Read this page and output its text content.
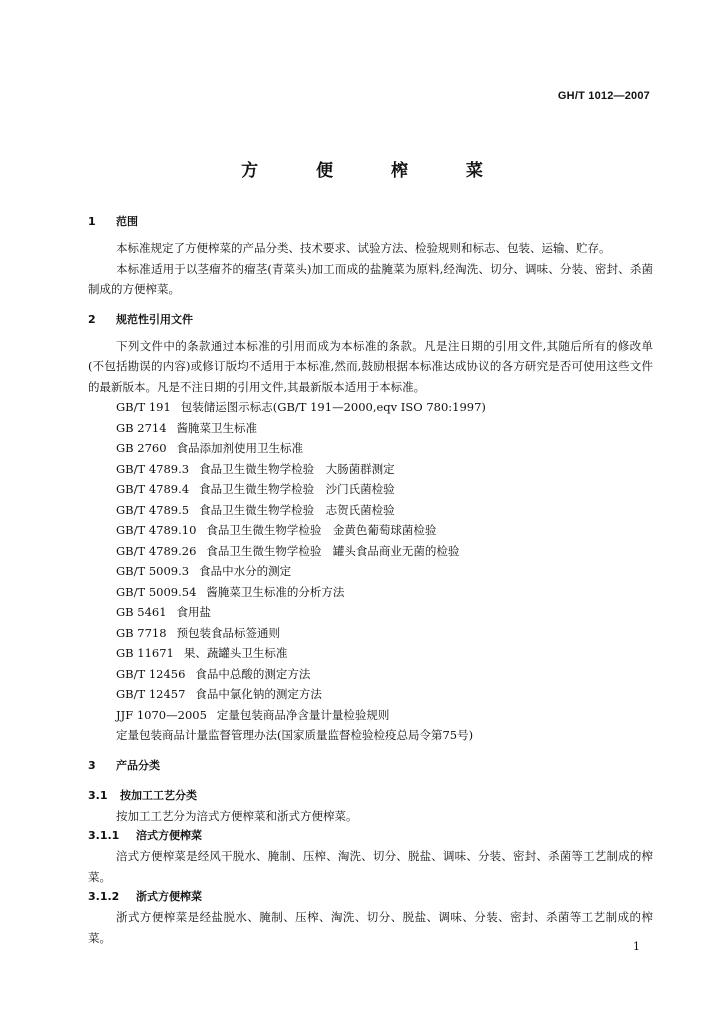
GH/T 1012—2007
方 便 榨 菜
1 范围

本标准规定了方便榨菜的产品分类、技术要求、试验方法、检验规则和标志、包装、运输、贮存。

本标准适用于以茎瘤芥的瘤茎(青菜头)加工而成的盐腌菜为原料,经淘洗、切分、调味、分装、密封、杀菌制成的方便榨菜。

2 规范性引用文件

下列文件中的条款通过本标准的引用而成为本标准的条款。凡是注日期的引用文件,其随后所有的修改单(不包括勘误的内容)或修订版均不适用于本标准,然而,鼓励根据本标准达成协议的各方研究是否可使用这些文件的最新版本。凡是不注日期的引用文件,其最新版本适用于本标准。

GB/T 191 包装储运图示标志(GB/T 191—2000,eqv ISO 780:1997)
GB 2714 酱腌菜卫生标准
GB 2760 食品添加剂使用卫生标准
GB/T 4789.3 食品卫生微生物学检验　大肠菌群测定
GB/T 4789.4 食品卫生微生物学检验　沙门氏菌检验
GB/T 4789.5 食品卫生微生物学检验　志贺氏菌检验
GB/T 4789.10 食品卫生微生物学检验　金黄色葡萄球菌检验
GB/T 4789.26 食品卫生微生物学检验　罐头食品商业无菌的检验
GB/T 5009.3 食品中水分的测定
GB/T 5009.54 酱腌菜卫生标准的分析方法
GB 5461 食用盐
GB 7718 预包装食品标签通则
GB 11671 果、蔬罐头卫生标准
GB/T 12456 食品中总酸的测定方法
GB/T 12457 食品中氯化钠的测定方法
JJF 1070—2005 定量包装商品净含量计量检验规则
定量包装商品计量监督管理办法(国家质量监督检验检疫总局令第75号)
3 产品分类
3.1 按加工工艺分类

按加工工艺分为涪式方便榨菜和浙式方便榨菜。

3.1.1 涪式方便榨菜

涪式方便榨菜是经风干脱水、腌制、压榨、淘洗、切分、脱盐、调味、分装、密封、杀菌等工艺制成的榨菜。

3.1.2 浙式方便榨菜

浙式方便榨菜是经盐脱水、腌制、压榨、淘洗、切分、脱盐、调味、分装、密封、杀菌等工艺制成的榨菜。

1
